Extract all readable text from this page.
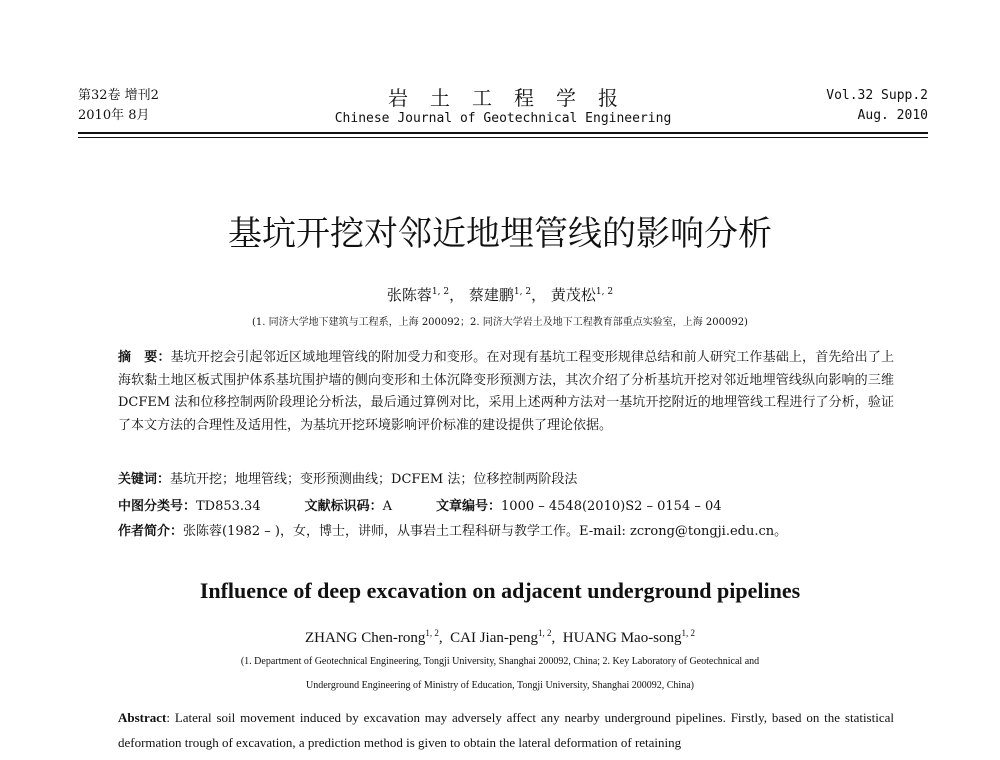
第32卷 增刊2
2010年 8月
岩土工程学报
Chinese Journal of Geotechnical Engineering
Vol.32 Supp.2
Aug. 2010
基坑开挖对邻近地埋管线的影响分析
张陈蓉$^{1, 2}$， 蔡建鹏$^{1, 2}$， 黄茂松$^{1, 2}$
(1. 同济大学地下建筑与工程系，上海 200092；2. 同济大学岩土及地下工程教育部重点实验室，上海 200092)
摘　要：基坑开挖会引起邻近区域地埋管线的附加受力和变形。在对现有基坑工程变形规律总结和前人研究工作基础上，首先给出了上海软黏土地区板式围护体系基坑围护墙的侧向变形和土体沉降变形预测方法，其次介绍了分析基坑开挖对邻近地埋管线纵向影响的三维 DCFEM 法和位移控制两阶段理论分析法，最后通过算例对比，采用上述两种方法对一基坑开挖附近的地埋管线工程进行了分析，验证了本文方法的合理性及适用性，为基坑开挖环境影响评价标准的建设提供了理论依据。
关键词：基坑开挖；地埋管线；变形预测曲线；DCFEM 法；位移控制两阶段法
中图分类号：TD853.34	文献标识码：A	文章编号：1000 – 4548(2010)S2 – 0154 – 04
作者简介：张陈蓉(1982 – )，女，博士，讲师，从事岩土工程科研与教学工作。E-mail: zcrong@tongji.edu.cn。
Influence of deep excavation on adjacent underground pipelines
ZHANG Chen-rong$^{1, 2}$,  CAI Jian-peng$^{1, 2}$,  HUANG Mao-song$^{1, 2}$
(1. Department of Geotechnical Engineering, Tongji University, Shanghai 200092, China; 2. Key Laboratory of Geotechnical and
Underground Engineering of Ministry of Education, Tongji University, Shanghai 200092, China)
Abstract: Lateral soil movement induced by excavation may adversely affect any nearby underground pipelines. Firstly, based on the statistical deformation trough of excavation, a prediction method is given to obtain the lateral deformation of retaining
